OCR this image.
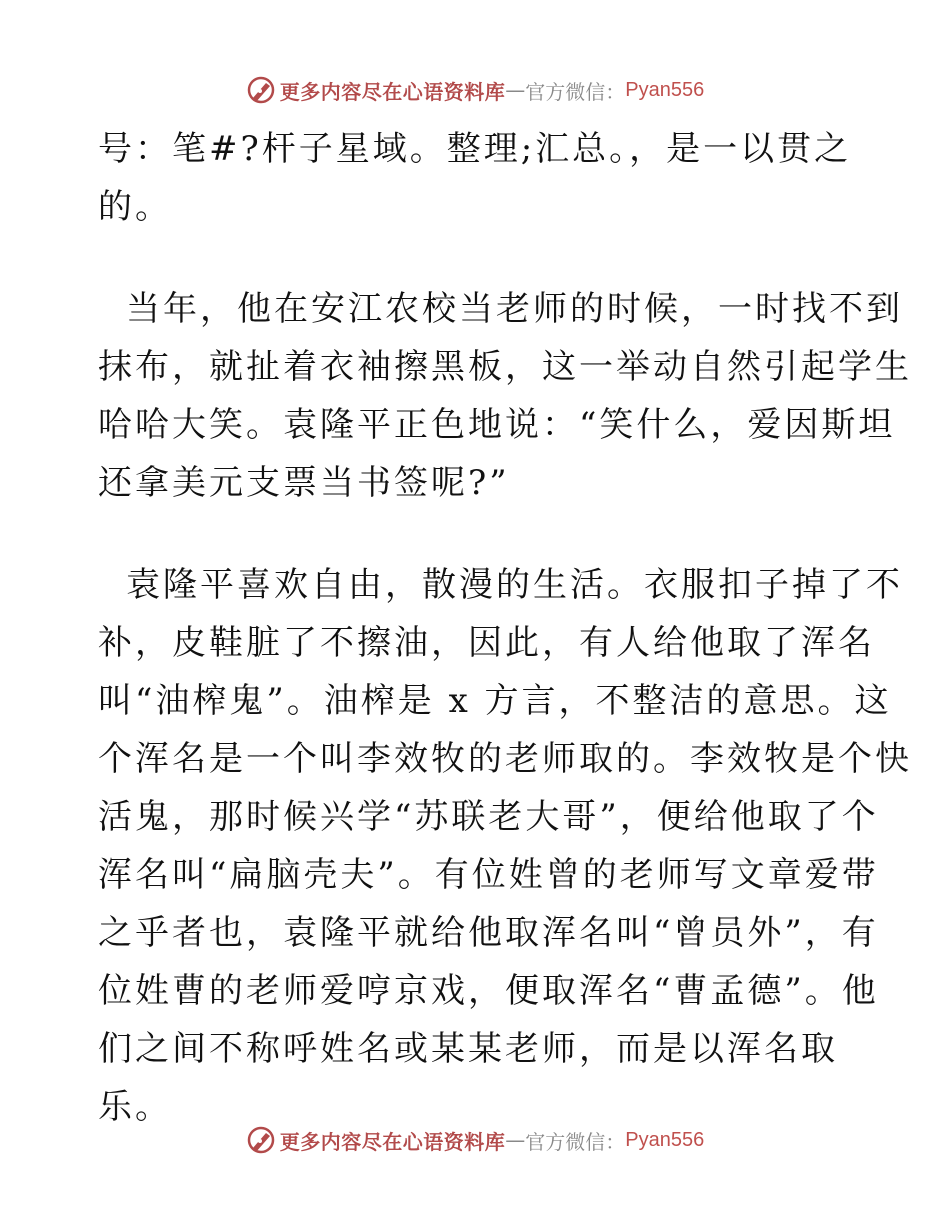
更多内容尽在心语资料库 — 官方微信： Pyan556
号：笔#?杆子星域。整理;汇总。，是一以贯之
的。
当年，他在安江农校当老师的时候，一时找不到
抹布，就扯着衣袖擦黑板，这一举动自然引起学生
哈哈大笑。袁隆平正色地说：“笑什么，爱因斯坦
还拿美元支票当书签呢?”
袁隆平喜欢自由，散漫的生活。衣服扣子掉了不
补，皮鞋脏了不擦油，因此，有人给他取了浑名
叫“油榨鬼”。油榨是 x 方言，不整洁的意思。这
个浑名是一个叫李效牧的老师取的。李效牧是个快
活鬼，那时候兴学“苏联老大哥”，便给他取了个
浑名叫“扁脑壳夫”。有位姓曾的老师写文章爱带
之乎者也，袁隆平就给他取浑名叫“曾员外”，有
位姓曹的老师爱哼京戏，便取浑名“曹孟德”。他
们之间不称呼姓名或某某老师，而是以浑名取
乐。
更多内容尽在心语资料库 — 官方微信： Pyan556
